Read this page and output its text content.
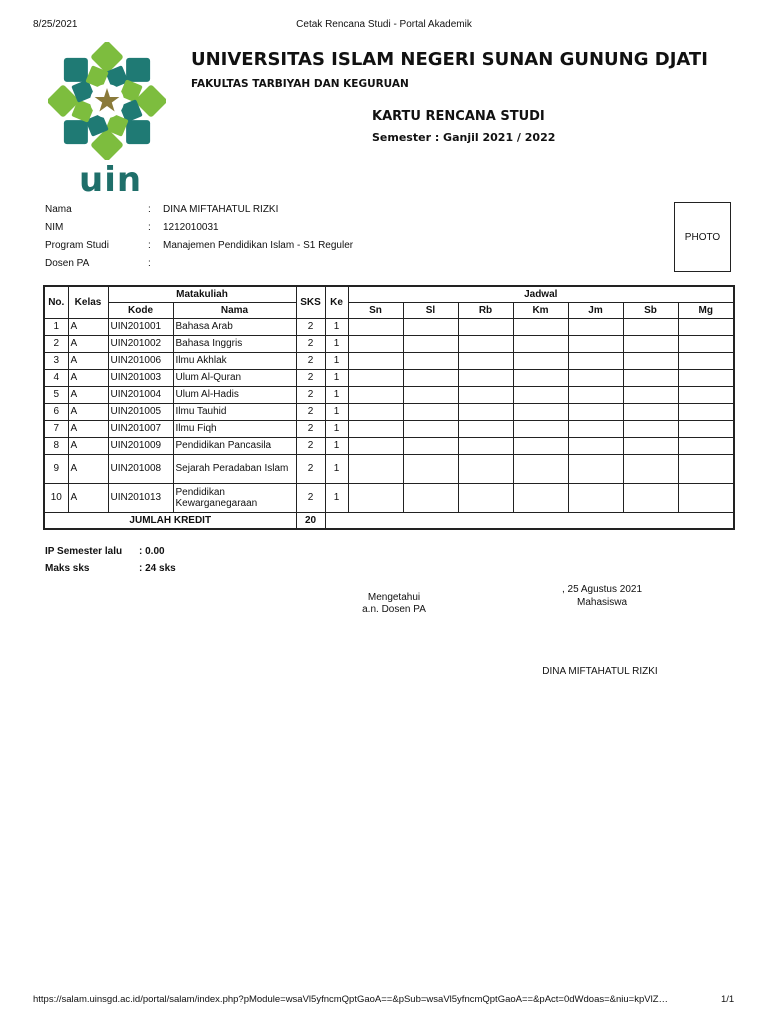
8/25/2021	Cetak Rencana Studi - Portal Akademik
uin
UNIVERSITAS ISLAM NEGERI SUNAN GUNUNG DJATI
FAKULTAS TARBIYAH DAN KEGURUAN
KARTU RENCANA STUDI
Semester : Ganjil 2021 / 2022
Nama	: DINA MIFTAHATUL RIZKI
NIM	: 1212010031
Program Studi	: Manajemen Pendidikan Islam - S1 Reguler
Dosen PA	:
PHOTO
No.	Kelas	Matakuliah		SKS	Ke	Jadwal						
		Kode	Nama			Sn	Sl	Rb	Km	Jm	Sb	Mg
1	A	UIN201001	Bahasa Arab	2	1							
2	A	UIN201002	Bahasa Inggris	2	1							
3	A	UIN201006	Ilmu Akhlak	2	1							
4	A	UIN201003	Ulum Al-Quran	2	1							
5	A	UIN201004	Ulum Al-Hadis	2	1							
6	A	UIN201005	Ilmu Tauhid	2	1							
7	A	UIN201007	Ilmu Fiqh	2	1							
8	A	UIN201009	Pendidikan Pancasila	2	1							
9	A	UIN201008	Sejarah Peradaban Islam	2	1							
10	A	UIN201013	Pendidikan Kewarganegaraan	2	1							
JUMLAH KREDIT				20								
IP Semester lalu : 0.00
Maks sks	: 24 sks
Mengetahui
a.n. Dosen PA
, 25 Agustus 2021
Mahasiswa
DINA MIFTAHATUL RIZKI
https://salam.uinsgd.ac.id/portal/salam/index.php?pModule=wsaVl5yfncmQptGaoA==&pSub=wsaVl5yfncmQptGaoA==&pAct=0dWdoas=&niu=kpVlZ…	1/1
